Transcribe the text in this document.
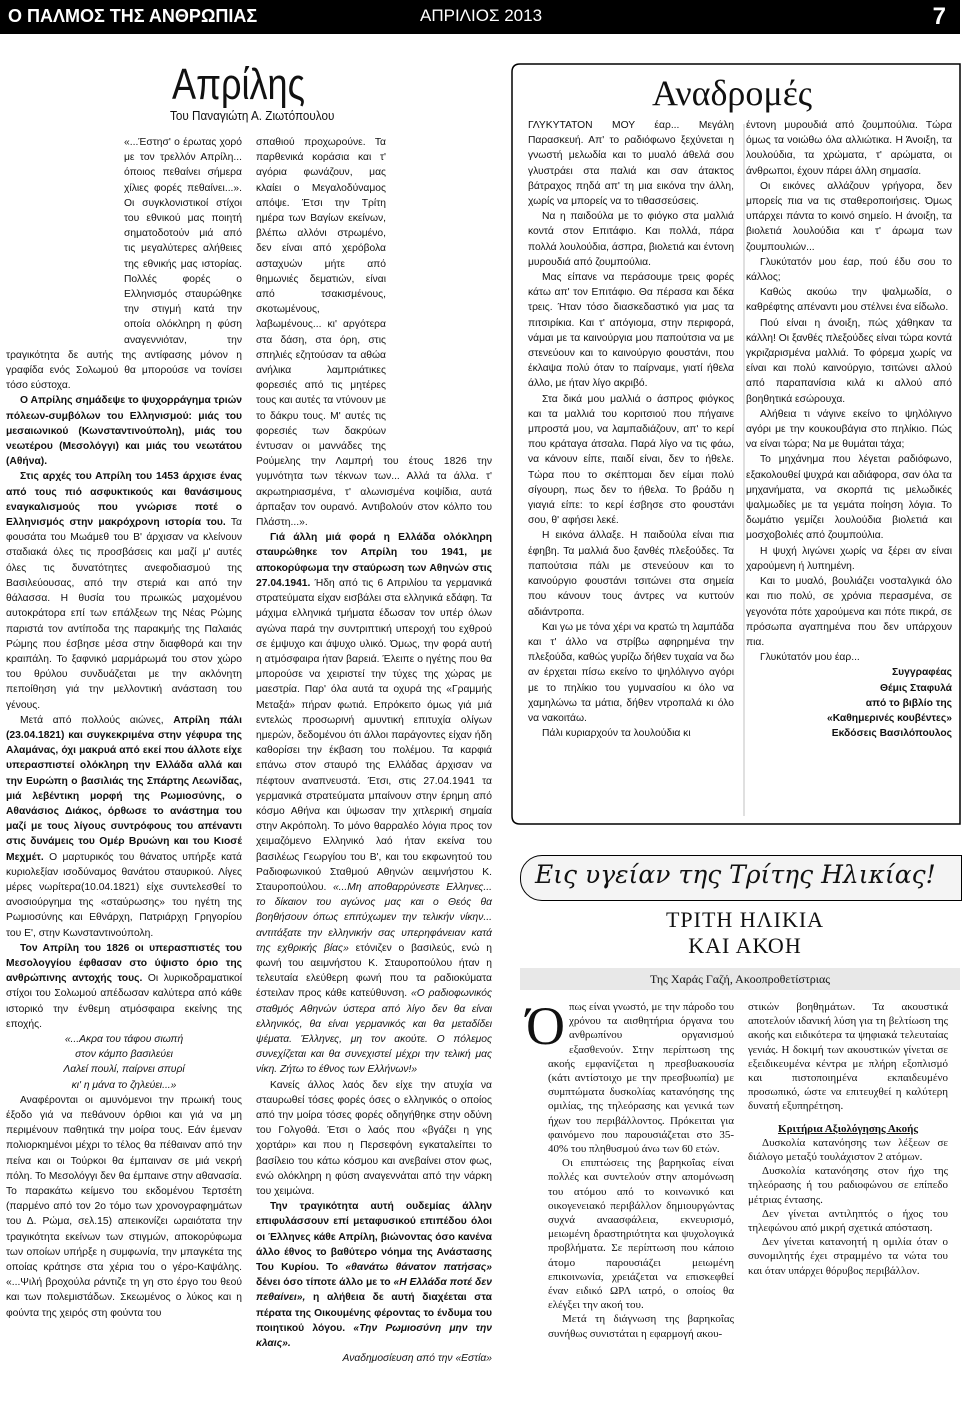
Ο ΠΑΛΜΟΣ ΤΗΣ ΑΝΘΡΩΠΙΑΣ	ΑΠΡΙΛΙΟΣ 2013	7
Απρίλης
Του Παναγιώτη Α. Ζιωτόπουλου

«...Έστησ' ο έρωτας χορό με τον τρελλόν Απρίλη... όποιος πεθαίνει σήμερα χίλιες φορές πεθαίνει...». Οι συγκλονιστικοί στίχοι του εθνικού μας ποιητή σηματοδοτούν μιά από τις μεγαλύτερες αλήθειες της εθνικής μας ιστορίας. Πολλές φορές ο Ελληνισμός σταυρώθηκε την στιγμή κατά την οποία ολόκληρη η φύση αναγεννιόταν, την τραγικότητα δε αυτής της αντίφασης μόνον η γραφίδα ενός Σολωμού θα μπορούσε να τονίσει τόσο εύστοχα.

Ο Απρίλης σημάδεψε το ψυχορράγημα τριών πόλεων-συμβόλων του Ελληνισμού: μιάς του μεσαιωνικού (Κωνσταντινούπολη), μιάς του νεωτέρου (Μεσολόγγι) και μιάς του νεωτάτου (Αθήνα).

Στις αρχές του Απρίλη του 1453 άρχισε ένας από τους πιό ασφυκτικούς και θανάσιμους εναγκαλισμούς που γνώρισε ποτέ ο Ελληνισμός στην μακρόχρονη ιστορία του. Τα φουσάτα του Μωάμεθ του Β' άρχισαν να κλείνουν σταδιακά όλες τις προσβάσεις και μαζί μ' αυτές όλες τις δυνατότητες ανεφοδιασμού της Βασιλεύουσας, από την στεριά και από την θάλασσα. Η θυσία του πρωικώς μαχομένου αυτοκράτορα επί των επάλξεων της Νέας Ρώμης παριστά τον αντίποδα της παρακμής της Παλαιάς Ρώμης που έσβησε μέσα στην διαφθορά και την κραιπάλη. Το ξαφνικό μαρμάρωμά του στον χώρο του θρύλου συνδυάζεται με την ακλόνητη πεποίθηση γιά την μελλοντική ανάσταση του γένους.

Μετά από πολλούς αιώνες, Απρίλη πάλι (23.04.1821) και συγκεκριμένα στην γέφυρα της Αλαμάνας, όχι μακρυά από εκεί που άλλοτε είχε υπερασπιστεί ολόκληρη την Ελλάδα αλλά και την Ευρώπη ο βασιλιάς της Σπάρτης Λεωνίδας, μιά λεβέντικη μορφή της Ρωμιοσύνης, ο Αθανάσιος Διάκος, όρθωσε το ανάστημα του μαζί με τους λίγους συντρόφους του απέναντι στις δυνάμεις του Ομέρ Βρυώνη και του Κιοσέ Μεχμέτ. Ο μαρτυρικός του θάνατος υπήρξε κατά κυριολεξίαν ισοδύναμος θανάτου σταυρικού. Λίγες μέρες νωρίτερα(10.04.1821) είχε συντελεσθεί το ανοσιούργημα της «σταύρωσης» του ηγέτη της Ρωμιοσύνης και Εθνάρχη, Πατριάρχη Γρηγορίου του Ε', στην Κωνσταντινούπολη.

Τον Απρίλη του 1826 οι υπερασπιστές του Μεσολογγίου έφθασαν στο ύψιστο όριο της ανθρώπινης αντοχής τους. Οι λυρικοδραματικοί στίχοι του Σολωμού απέδωσαν καλύτερα από κάθε ιστορικό την ένθεμη ατμόσφαιρα εκείνης της εποχής.

«...Ακρα του τάφου σιωπή

στον κάμπο βασιλεύει

Λαλεί πουλί, παίρνει σπυρί

κι' η μάνα το ζηλεύει...»

Αναφέρονται οι αμυνόμενοι την πρωική τους έξοδο γιά να πεθάνουν όρθιοι και γιά να μη περιμένουν παθητικά την μοίρα τους. Εάν έμεναν πολιορκημένοι μέχρι το τέλος θα πέθαιναν από την πείνα και οι Τούρκοι θα έμπαιναν σε μιά νεκρή πόλη. Το Μεσολόγγι δεν θα έμπαινε στην αθανασία. Το παρακάτω κείμενο του εκδομένου Τερτσέτη (παρμένο από τον 2ο τόμο των χρονογραφημάτων του Δ. Ρώμα, σελ.15) απεικονίζει ωραιότατα την τραγικότητα εκείνων των στιγμών, αποκορύφωμα των οποίων υπήρξε η συμφωνία, την μπαγκέτα της οποίας κράτησε στα χέρια του ο γέρο-Καψάλης. «...Ψιλή βροχούλα ράντιζε τη γη στο έργο του θεού και των πολεμιστάδων. Σκεωμένος ο λύκος και η φούντα της χειρός στη φούντα του

σπαθιού προχωρούνε. Τα παρθενικά κοράσια και τ' αγόρια φωνάζουν, μας κλαίει ο Μεγαλοδύναμος απόψε. Έτσι την Τρίτη ημέρα των Βαγίων εκείνων, βλέπω αλλόνι στρωμένο, δεν είναι από χερόβολα ασταχυών μήτε από θημωνιές δεματιών, είναι από τσακισμένους, σκοτωμένους, λαβωμένους... κι' αργότερα στα δάση, στα όρη, στις σπηλιές εζητούσαν τα αθώα ανήλικα λαμπριάτικες φορεσιές από τις μητέρες τους και αυτές τα ντύνουν με το δάκρυ τους. Μ' αυτές τις φορεσιές των δακρύων έντυσαν οι μαννάδες της Ρούμελης την Λαμπρή του έτους 1826 την γυμνότητα των τέκνων των... Αλλά τα άλλα. τ' ακρωτηριασμένα, τ' αλωνισμένα κοψίδια, αυτά άρπαξαν τον ουρανό. Αντιβολούν στον κόλπο του Πλάστη...».

Γιά άλλη μιά φορά η Ελλάδα ολόκληρη σταυρώθηκε τον Απρίλη του 1941, με αποκορύφωμα την σταύρωση των Αθηνών στις 27.04.1941. Ήδη από τις 6 Απριλίου τα γερμανικά στρατεύματα είχαν εισβάλει στα ελληνικά εδάφη. Τα μάχιμα ελληνικά τμήματα έδωσαν τον υπέρ όλων αγώνα παρά την συντριπτική υπεροχή του εχθρού σε έμψυχο και άψυχο υλικό. Όμως, την φορά αυτή η ατμόσφαιρα ήταν βαρειά. Έλειπε ο ηγέτης που θα μπορούσε να χειριστεί την τύχες της χώρας με μαεστρία. Παρ' όλα αυτά τα οχυρά της «Γραμμής Μεταξά» πήραν φωτιά. Επρόκειτο όμως γιά μιά εντελώς προσωρινή αμυντική επιτυχία ολίγων ημερών, δεδομένου ότι άλλοι παράγοντες είχαν ήδη καθορίσει την έκβαση του πολέμου. Τα καρφιά επάνω στον σταυρό της Ελλάδας άρχισαν να πέφτουν αναπνευστά. Έτσι, στις 27.04.1941 τα γερμανικά στρατεύματα μπαίνουν στην έρημη από κόσμο Αθήνα και ύψωσαν την χιτλερική σημαία στην Ακρόπολη. Το μόνο θαρραλέο λόγια προς τον χειμαζόμενο Ελληνικό λαό ήταν εκείνα του βασιλέως Γεωργίου του Β', και του εκφωνητού του Ραδιοφωνικού Σταθμού Αθηνών αειμνήστου Κ. Σταυροπούλου. «...Μη αποθαρρύνεστε Ελληνες... το δίκαιον του αγώνος μας και ο Θεός θα βοηθήσουν όπως επιτύχωμεν την τελικήν νίκην... αντιτάξατε την ελληνικήν σας υπερηφάνειαν κατά της εχθρικής βίας» ετόνιζεν ο βασιλεύς, ενώ η φωνή του αειμνήστου Κ. Σταυροπούλου ήταν η τελευταία ελεύθερη φωνή που τα ραδιοκύματα έστειλαν προς κάθε κατεύθυνση. «Ο ραδιοφωνικός σταθμός Αθηνών ύστερα από λίγο δεν θα είναι ελληνικός, θα είναι γερμανικός και θα μεταδίδει ψέματα. Έλληνες, μη τον ακούτε. Ο πόλεμος συνεχίζεται και θα συνεχιστεί μέχρι την τελική μας νίκη. Ζήτω το έθνος των Ελλήνων!»

Κανείς άλλος λαός δεν είχε την ατυχία να σταυρωθεί τόσες φορές όσες ο ελληνικός ο οποίος από την μοίρα τόσες φορές οδηγήθηκε στην οδύνη του Γολγοθά. Έτσι ο λαός που «βγάζει η γης χορτάρι» και που η Περσεφόνη εγκαταλείπει το βασίλειο του κάτω κόσμου και ανεβαίνει στον φως, ενώ ολόκληρη η φύση αναγεννάται από την νάρκη του χειμώνα.

Την τραγικότητα αυτή ουδεμίας άλλην επιφυλάσσουν επί μεταφυσικού επιπέδου όλοι οι Έλληνες κάθε Απρίλη, βιώνοντας όσο κανένα άλλο έθνος το βαθύτερο νόημα της Ανάστασης Του Κυρίου. Το «θανάτω θάνατον πατήσας» δένει όσο τίποτε άλλο με το «Η Ελλάδα ποτέ δεν πεθαίνει», η αλήθεια δε αυτή διαχέεται στα πέρατα της Οικουμένης φέροντας το ένδυμα του ποιητικού λόγου. «Την Ρωμιοσύνη μην την κλαις».

Αναδημοσίευση από την «Εστία»

Αναδρομές

ΓΛΥΚΥΤΑΤΟΝ ΜΟΥ έαρ... Μεγάλη Παρασκευή. Απ' το ραδιόφωνο ξεχύνεται η γνωστή μελωδία και το μυαλό άθελά σου γλυστράει στα παλιά και σαν άτακτος βάτραχος πηδά απ' τη μια εικόνα την άλλη, χωρίς να μπορείς να το τιθασσεύσεις.

Να η παιδούλα με το φιόγκο στα μαλλιά κοντά στον Επιτάφιο. Και πολλά, πάρα πολλά λουλούδια, άσπρα, βιολετιά και έντονη μυρουδιά από ζουμπούλια.

Μας είπανε να περάσουμε τρεις φορές κάτω απ' τον Επιτάφιο. Θα πέρασα και δέκα τρεις. Ήταν τόσο διασκεδαστικό για μας τα πιτσιρίκια. Και τ' απόγιομα, στην περιφορά, νάμαι με τα καινούργια μου παπούτσια να με στενεύουν και το καινούργιο φουστάνι, που έκλαψα πολύ όταν το παίρναμε, γιατί ήθελα άλλο, με ήταν λίγο ακριβό.

Στα δικά μου μαλλιά ο άσπρος φιόγκος και τα μαλλιά του κοριτσιού που πήγαινε μπροστά μου, να λαμπαδιάζουν, απ' το κερί που κράταγα άτσαλα. Παρά λίγο να τις φάω, να κάνουν είπε, παιδί είναι, δεν το ήθελε. Τώρα που το σκέπτομαι δεν είμαι πολύ σίγουρη, πως δεν το ήθελα. Το βράδυ η γιαγιά είπε: το κερί έσβησε στο φουστάνι σου, θ' αφήσει λεκέ.

Η εικόνα άλλαξε. Η παιδούλα είναι πια έφηβη. Τα μαλλιά δυο ξανθές πλεξούδες. Τα παπούτσια πάλι με στενεύουν και το καινούργιο φουστάνι τσιτώνει στα σημεία που κάνουν τους άντρες να κυττούν αδιάντροπα.

Και γω με τόνα χέρι να κρατώ τη λαμπάδα και τ' άλλο να στρίβω αφηρημένα την πλεξούδα, καθώς γυρίζω δήθεν τυχαία να δω αν έρχεται πίσω εκείνο το ψηλόλιγνο αγόρι με το πηλίκιο του γυμνασίου κι όλο να χαμηλώνω τα μάτια, δήθεν ντροπαλά κι όλο να νακοιτάω.

Πάλι κυριαρχούν τα λουλούδια κι

έντονη μυρουδιά από ζουμπούλια. Τώρα όμως τα νοιώθω όλα αλλιώτικα. Η Άνοιξη, τα λουλούδια, τα χρώματα, τ' αρώματα, οι άνθρωποι, έχουν πάρει άλλη σημασία.

Οι εικόνες αλλάζουν γρήγορα, δεν μπορείς πια να τις σταθεροποιήσεις. Όμως υπάρχει πάντα το κοινό σημείο. Η άνοιξη, τα βιολετιά λουλούδια και τ' άρωμα των ζουμπουλιών...

Γλυκύτατόν μου έαρ, πού έδυ σου το κάλλος;

Καθώς ακούω την ψαλμωδία, ο καθρέφτης απέναντι μου στέλνει ένα είδωλο.

Πού είναι η άνοιξη, πώς χάθηκαν τα κάλλη! Οι ξανθές πλεξούδες είναι τώρα κοντά γκριζαρισμένα μαλλιά. Το φόρεμα χωρίς να είναι και πολύ καινούργιο, τσιτώνει αλλού από παραπανίσια κιλά κι αλλού από βοηθητικά εσώρουχα.

Αλήθεια τι νάγινε εκείνο το ψηλόλιγνο αγόρι με την κουκουβάγια στο πηλίκιο. Πώς να είναι τώρα; Να με θυμάται τάχα;

Το μηχάνημα που λέγεται ραδιόφωνο, εξακολουθεί ψυχρά και αδιάφορα, σαν όλα τα μηχανήματα, να σκορπά τις μελωδικές ψαλμωδίες με τα γεμάτα ποίηση λόγια. Το δωμάτιο γεμίζει λουλούδια βιολετιά και μοσχοβολιές από ζουμπούλια.

Η ψυχή λιγώνει χωρίς να ξέρει αν είναι χαρούμενη ή λυπημένη.

Και το μυαλό, βουλιάζει νοσταλγικά όλο και πιο πολύ, σε χρόνια περασμένα, σε γεγονότα πότε χαρούμενα και πότε πικρά, σε πρόσωπα αγαπημένα που δεν υπάρχουν πια.

Γλυκύτατόν μου έαρ...

Συγγραφέας

Θέμις Σταφυλά

από το βιβλίο της

«Καθημερινές κουβέντες»

Εκδόσεις Βασιλόπουλος

Εις υγείαν της Τρίτης Ηλικίας!
ΤΡΙΤΗ ΗΛΙΚΙΑ
ΚΑΙ ΑΚΟΗ
Της Χαράς Γαζή, Ακοοπροθετίστριας

Όπως είναι γνωστό, με την πάροδο του χρόνου τα αισθητήρια όργανα του ανθρωπίνου οργανισμού εξασθενούν. Στην περίπτωση της ακοής εμφανίζεται η πρεσβυακουσία (κάτι αντίστοιχο με την πρεσβυωπία) με συμπτώματα δυσκολίας κατανόησης της ομιλίας, της τηλεόρασης και γενικά των ήχων του περιβάλλοντος. Πρόκειται για φαινόμενο που παρουσιάζεται στο 35-40% του πληθυσμού άνω των 60 ετών.

Οι επιπτώσεις της βαρηκοΐας είναι πολλές και συντελούν στην απομόνωση του ατόμου από το κοινωνικό και οικογενειακό περιβάλλον δημιουργώντας συχνά αναασφάλεια, εκνευρισμό, μειωμένη δραστηριότητα και ψυχολογικά προβλήματα. Σε περίπτωση που κάποιο άτομο παρουσιάζει μειωμένη επικοινωνία, χρειάζεται να επισκεφθεί έναν ειδικό ΩΡΛ ιατρό, ο οποίος θα ελέγξει την ακοή του.

Μετά τη διάγνωση της βαρηκοΐας συνήθως συνιστάται η εφαρμογή ακου-

στικών βοηθημάτων. Τα ακουστικά αποτελούν ιδανική λύση για τη βελτίωση της ακοής και ειδικότερα τα ψηφιακά τελευταίας γενιάς. Η δοκιμή των ακουστικών γίνεται σε εξειδικευμένα κέντρα με πλήρη εξοπλισμό και πιστοποιημένα εκπαιδευμένο προσωπικό, ώστε να επιτευχθεί η καλύτερη δυνατή εξυπηρέτηση.

Κριτήρια Αξιολόγησης Ακοής

Δυσκολία κατανόησης των λέξεων σε διάλογο μεταξύ τουλάχιστον 2 ατόμων.

Δυσκολία κατανόησης στον ήχο της τηλεόρασης ή του ραδιοφώνου σε επίπεδο μέτριας έντασης.

Δεν γίνεται αντιληπτός ο ήχος του τηλεφώνου από μικρή σχετικά απόσταση.

Δεν γίνεται κατανοητή η ομιλία όταν ο συνομιλητής έχει στραμμένο τα νώτα του και όταν υπάρχει θόρυβος περιβάλλον.
